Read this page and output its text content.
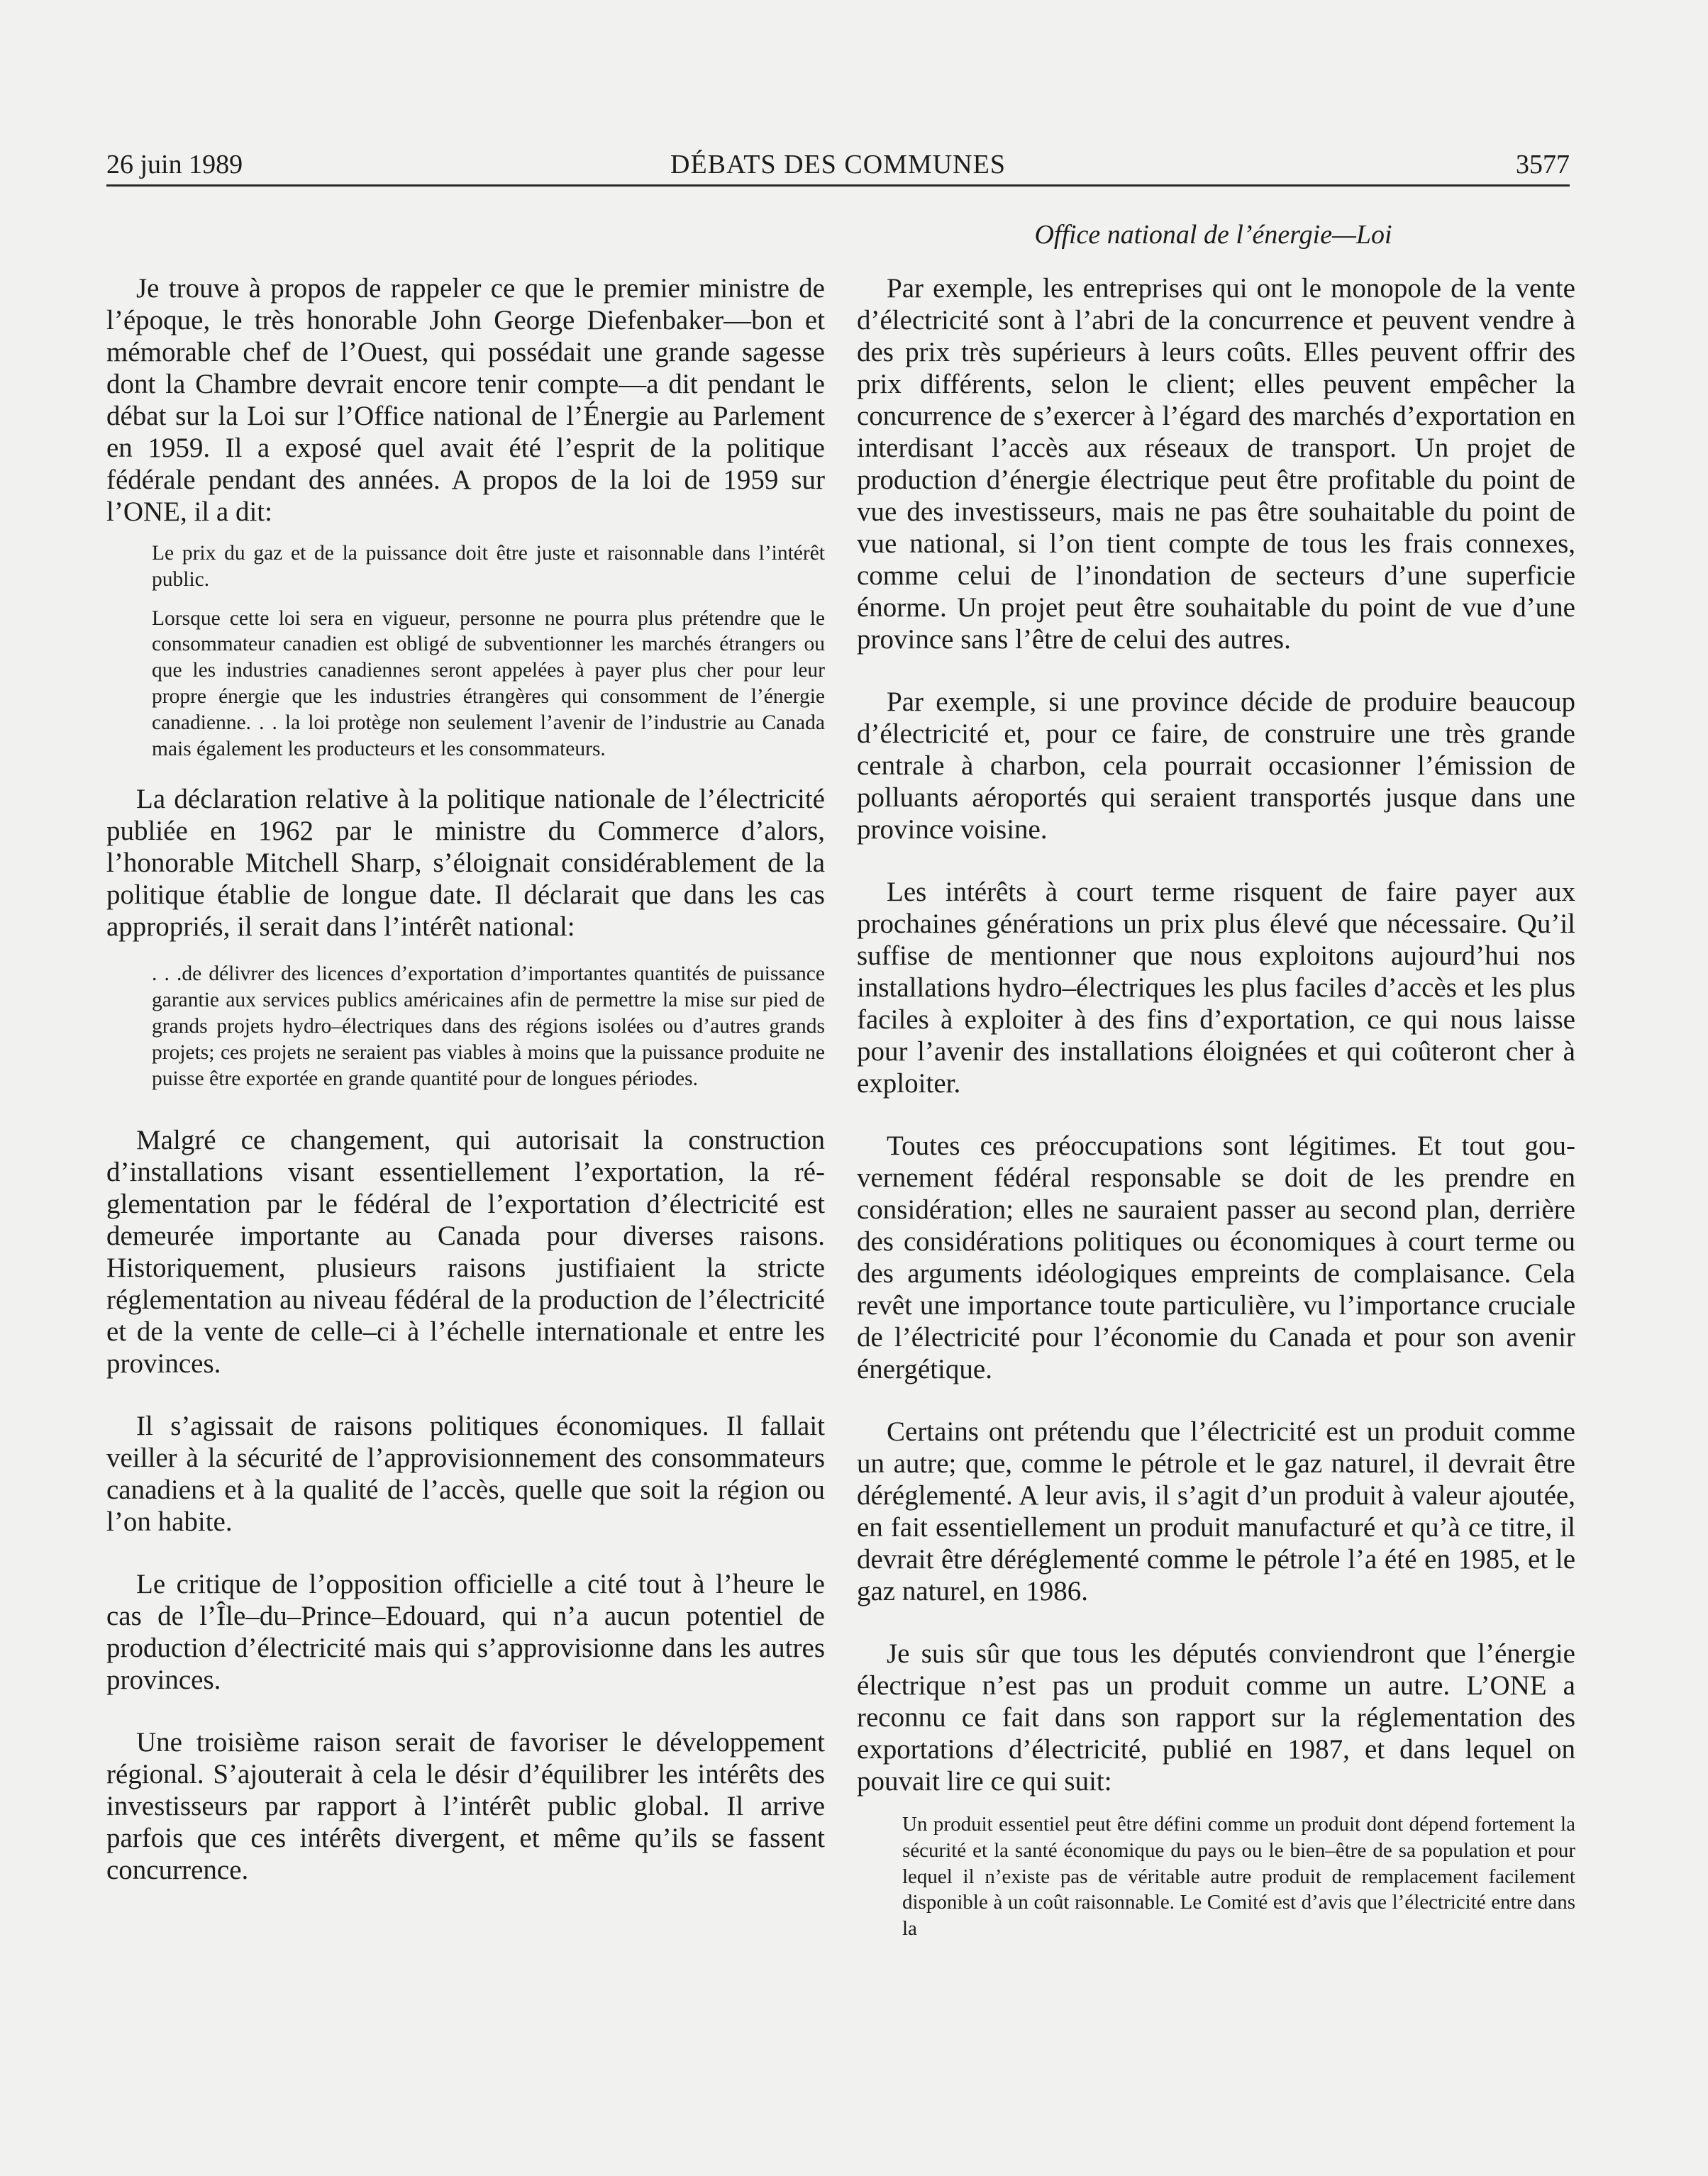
26 juin 1989	DÉBATS DES COMMUNES	3577
Office national de l’énergie—Loi

Je trouve à propos de rappeler ce que le premier ministre de l’époque, le très honorable John George Diefenbaker—bon et mémorable chef de l’Ouest, qui possédait une grande sagesse dont la Chambre devrait encore tenir compte—a dit pendant le débat sur la Loi sur l’Office national de l’Énergie au Parlement en 1959. Il a exposé quel avait été l’esprit de la politique fédérale pendant des années. A propos de la loi de 1959 sur l’ONE, il a dit:

Le prix du gaz et de la puissance doit être juste et raisonnable dans l’intérêt public.

Lorsque cette loi sera en vigueur, personne ne pourra plus prétendre que le consommateur canadien est obligé de subventionner les marchés étrangers ou que les industries canadiennes seront appelées à payer plus cher pour leur propre énergie que les industries étrangères qui consomment de l’énergie canadienne. . . la loi protège non seulement l’avenir de l’industrie au Canada mais également les producteurs et les consommateurs.

La déclaration relative à la politique nationale de l’électricité publiée en 1962 par le ministre du Commerce d’alors, l’honorable Mitchell Sharp, s’éloignait considérablement de la politique établie de longue date. Il déclarait que dans les cas appropriés, il serait dans l’intérêt national:

. . .de délivrer des licences d’exportation d’importantes quantités de puissance garantie aux services publics américaines afin de permettre la mise sur pied de grands projets hydro–électriques dans des régions isolées ou d’autres grands projets; ces projets ne seraient pas viables à moins que la puissance produite ne puisse être exportée en grande quantité pour de longues périodes.

Malgré ce changement, qui autorisait la construction d’installations visant essentiellement l’exportation, la réglementation par le fédéral de l’exportation d’électricité est demeurée importante au Canada pour diverses raisons. Historiquement, plusieurs raisons justifiaient la stricte réglementation au niveau fédéral de la production de l’électricité et de la vente de celle–ci à l’échelle internationale et entre les provinces.

Il s’agissait de raisons politiques économiques. Il fallait veiller à la sécurité de l’approvisionnement des consommateurs canadiens et à la qualité de l’accès, quelle que soit la région ou l’on habite.

Le critique de l’opposition officielle a cité tout à l’heure le cas de l’Île–du–Prince–Edouard, qui n’a aucun potentiel de production d’électricité mais qui s’approvisionne dans les autres provinces.

Une troisième raison serait de favoriser le développement régional. S’ajouterait à cela le désir d’équilibrer les intérêts des investisseurs par rapport à l’intérêt public global. Il arrive parfois que ces intérêts divergent, et même qu’ils se fassent concurrence.

Par exemple, les entreprises qui ont le monopole de la vente d’électricité sont à l’abri de la concurrence et peuvent vendre à des prix très supérieurs à leurs coûts. Elles peuvent offrir des prix différents, selon le client; elles peuvent empêcher la concurrence de s’exercer à l’égard des marchés d’exportation en interdisant l’accès aux réseaux de transport. Un projet de production d’énergie électrique peut être profitable du point de vue des investisseurs, mais ne pas être souhaitable du point de vue national, si l’on tient compte de tous les frais connexes, comme celui de l’inondation de secteurs d’une superficie énorme. Un projet peut être souhaitable du point de vue d’une province sans l’être de celui des autres.

Par exemple, si une province décide de produire beaucoup d’électricité et, pour ce faire, de construire une très grande centrale à charbon, cela pourrait occasionner l’émission de polluants aéroportés qui seraient transportés jusque dans une province voisine.

Les intérêts à court terme risquent de faire payer aux prochaines générations un prix plus élevé que nécessaire. Qu’il suffise de mentionner que nous exploitons aujourd’hui nos installations hydro–électriques les plus faciles d’accès et les plus faciles à exploiter à des fins d’exportation, ce qui nous laisse pour l’avenir des installations éloignées et qui coûteront cher à exploiter.

Toutes ces préoccupations sont légitimes. Et tout gouvernement fédéral responsable se doit de les prendre en considération; elles ne sauraient passer au second plan, derrière des considérations politiques ou économiques à court terme ou des arguments idéologiques empreints de complaisance. Cela revêt une importance toute particulière, vu l’importance cruciale de l’électricité pour l’économie du Canada et pour son avenir énergétique.

Certains ont prétendu que l’électricité est un produit comme un autre; que, comme le pétrole et le gaz naturel, il devrait être déréglementé. A leur avis, il s’agit d’un produit à valeur ajoutée, en fait essentiellement un produit manufacturé et qu’à ce titre, il devrait être déréglementé comme le pétrole l’a été en 1985, et le gaz naturel, en 1986.

Je suis sûr que tous les députés conviendront que l’énergie électrique n’est pas un produit comme un autre. L’ONE a reconnu ce fait dans son rapport sur la réglementation des exportations d’électricité, publié en 1987, et dans lequel on pouvait lire ce qui suit:

Un produit essentiel peut être défini comme un produit dont dépend fortement la sécurité et la santé économique du pays ou le bien–être de sa population et pour lequel il n’existe pas de véritable autre produit de remplacement facilement disponible à un coût raisonnable. Le Comité est d’avis que l’électricité entre dans la
